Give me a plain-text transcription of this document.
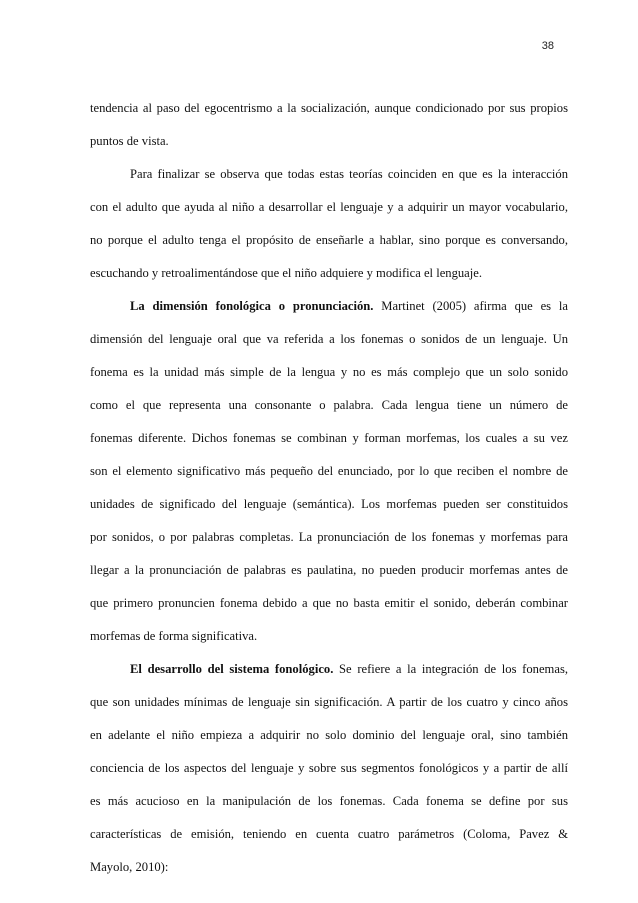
38
tendencia al paso del egocentrismo a la socialización, aunque condicionado por sus propios
puntos de vista.
Para finalizar se observa que todas estas teorías coinciden en que es la interacción
con el adulto que ayuda al niño a desarrollar el lenguaje y a adquirir un mayor vocabulario,
no porque el adulto tenga el propósito de enseñarle a hablar, sino porque es conversando,
escuchando y retroalimentándose que el niño adquiere y modifica el lenguaje.
La dimensión fonológica o pronunciación. Martinet (2005) afirma que es la
dimensión del lenguaje oral que va referida a los fonemas o sonidos de un lenguaje. Un
fonema es la unidad más simple de la lengua y no es más complejo que un solo sonido
como el que representa una consonante o palabra. Cada lengua tiene un número de
fonemas diferente. Dichos fonemas se combinan y forman morfemas, los cuales a su vez
son el elemento significativo más pequeño del enunciado, por lo que reciben el nombre de
unidades de significado del lenguaje (semántica). Los morfemas pueden ser constituidos
por sonidos, o por palabras completas. La pronunciación de los fonemas y morfemas para
llegar a la pronunciación de palabras es paulatina, no pueden producir morfemas antes de
que primero pronuncien fonema debido a que no basta emitir el sonido, deberán combinar
morfemas de forma significativa.
El desarrollo del sistema fonológico. Se refiere a la integración de los fonemas,
que son unidades mínimas de lenguaje sin significación. A partir de los cuatro y cinco años
en adelante el niño empieza a adquirir no solo dominio del lenguaje oral, sino también
conciencia de los aspectos del lenguaje y sobre sus segmentos fonológicos y a partir de allí
es más acucioso en la manipulación de los fonemas. Cada fonema se define por sus
características de emisión, teniendo en cuenta cuatro parámetros (Coloma, Pavez &
Mayolo, 2010):
